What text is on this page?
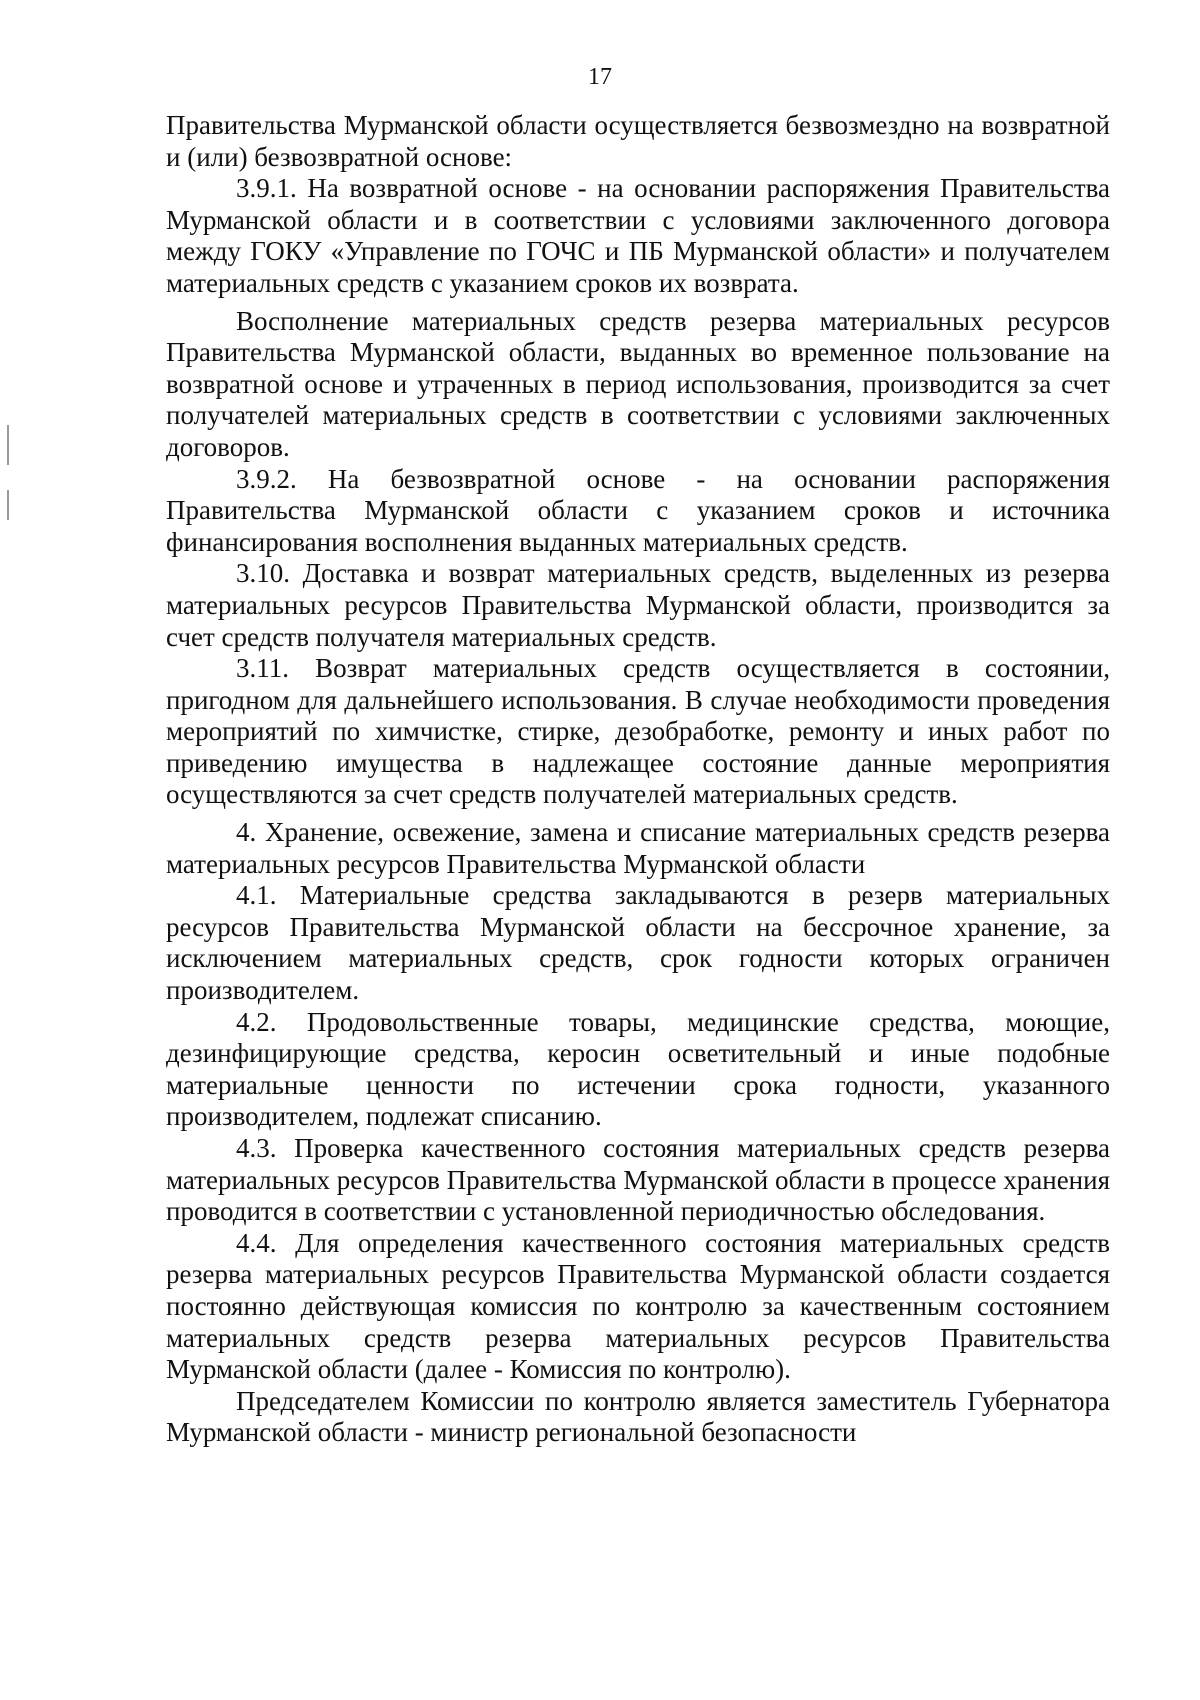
17

Правительства Мурманской области осуществляется безвозмездно на возвратной и (или) безвозвратной основе:

3.9.1. На возвратной основе - на основании распоряжения Правительства Мурманской области и в соответствии с условиями заключенного договора между ГОКУ «Управление по ГОЧС и ПБ Мурманской области» и получателем материальных средств с указанием сроков их возврата.

Восполнение материальных средств резерва материальных ресурсов Правительства Мурманской области, выданных во временное пользование на возвратной основе и утраченных в период использования, производится за счет получателей материальных средств в соответствии с условиями заключенных договоров.

3.9.2. На безвозвратной основе - на основании распоряжения Правительства Мурманской области с указанием сроков и источника финансирования восполнения выданных материальных средств.

3.10. Доставка и возврат материальных средств, выделенных из резерва материальных ресурсов Правительства Мурманской области, производится за счет средств получателя материальных средств.

3.11. Возврат материальных средств осуществляется в состоянии, пригодном для дальнейшего использования. В случае необходимости проведения мероприятий по химчистке, стирке, дезобработке, ремонту и иных работ по приведению имущества в надлежащее состояние данные мероприятия осуществляются за счет средств получателей материальных средств.

4. Хранение, освежение, замена и списание материальных средств резерва материальных ресурсов Правительства Мурманской области

4.1. Материальные средства закладываются в резерв материальных ресурсов Правительства Мурманской области на бессрочное хранение, за исключением материальных средств, срок годности которых ограничен производителем.

4.2. Продовольственные товары, медицинские средства, моющие, дезинфицирующие средства, керосин осветительный и иные подобные материальные ценности по истечении срока годности, указанного производителем, подлежат списанию.

4.3. Проверка качественного состояния материальных средств резерва материальных ресурсов Правительства Мурманской области в процессе хранения проводится в соответствии с установленной периодичностью обследования.

4.4. Для определения качественного состояния материальных средств резерва материальных ресурсов Правительства Мурманской области создается постоянно действующая комиссия по контролю за качественным состоянием материальных средств резерва материальных ресурсов Правительства Мурманской области (далее - Комиссия по контролю).

Председателем Комиссии по контролю является заместитель Губернатора Мурманской области - министр региональной безопасности
